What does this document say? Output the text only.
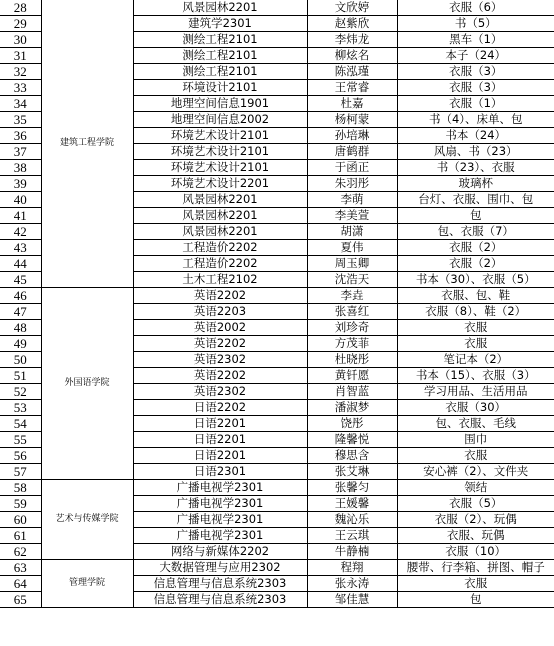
28	建筑工程学院	风景园林2201	文欣婷	衣服（6）
29		建筑学2301	赵紫欣	书（5）
30		测绘工程2101	李炜龙	黑车（1）
31		测绘工程2101	柳炫名	本子（24）
32		测绘工程2101	陈泓瑾	衣服（3）
33		环境设计2101	王常睿	衣服（3）
34		地理空间信息1901	杜嘉	衣服（1）
35		地理空间信息2002	杨柯蒙	书（4）、床单、包
36		环境艺术设计2101	孙培琳	书本（24）
37		环境艺术设计2101	唐鹤群	风扇、书（23）
38		环境艺术设计2101	于函正	书（23）、衣服
39		环境艺术设计2201	朱羽彤	玻璃杯
40		风景园林2201	李萌	台灯、衣服、围巾、包
41		风景园林2201	李美萱	包
42		风景园林2201	胡潇	包、衣服（7）
43		工程造价2202	夏伟	衣服（2）
44		工程造价2202	周玉卿	衣服（2）
45		土木工程2102	沈浩天	书本（30）、衣服（5）
46	外国语学院	英语2202	李垚	衣服、包、鞋
47		英语2203	张喜红	衣服（8）、鞋（2）
48		英语2002	刘珍奇	衣服
49		英语2202	方茂菲	衣服
50		英语2302	杜晓彤	笔记本（2）
51		英语2202	黄钎愿	书本（15）、衣服（3）
52		英语2302	肖智蓝	学习用品、生活用品
53		日语2202	潘淑梦	衣服（30）
54		日语2201	饶彤	包、衣服、毛线
55		日语2201	隆馨悦	围巾
56		日语2201	穆思含	衣服
57		日语2301	张艾琳	安心裤（2）、文件夹
58	艺术与传媒学院	广播电视学2301	张馨匀	领结
59		广播电视学2301	王媛馨	衣服（5）
60		广播电视学2301	魏沁乐	衣服（2）、玩偶
61		广播电视学2301	王云琪	衣服、玩偶
62		网络与新媒体2202	牛静楠	衣服（10）
63	管理学院	大数据管理与应用2302	程翔	腰带、行李箱、拼图、帽子
64		信息管理与信息系统2303	张永涛	衣服
65		信息管理与信息系统2303	邹佳慧	包
